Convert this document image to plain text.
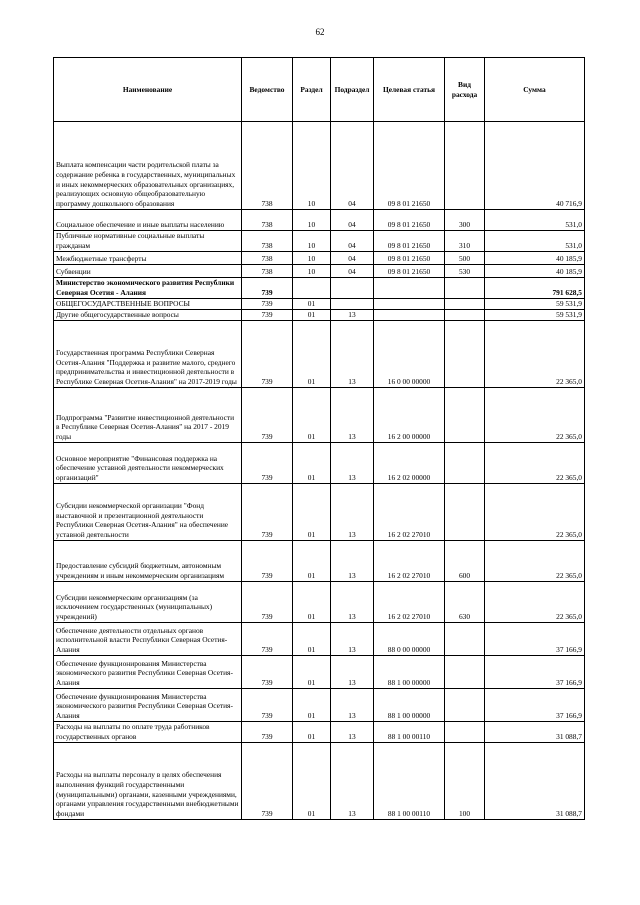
62
Наименование	Ведомство	Раздел	Подраздел	Целевая статья	Вид расхода	Сумма
Выплата компенсации части родительской платы за содержание ребенка в государственных, муниципальных и иных некоммерческих образовательных организациях, реализующих основную общеобразовательную программу дошкольного образования	738	10	04	09 8 01 21650		40 716,9
Социальное обеспечение и иные выплаты населению	738	10	04	09 8 01 21650	300	531,0
Публичные нормативные социальные выплаты гражданам	738	10	04	09 8 01 21650	310	531,0
Межбюджетные трансферты	738	10	04	09 8 01 21650	500	40 185,9
Субвенции	738	10	04	09 8 01 21650	530	40 185,9
Министерство экономического развития Республики Северная Осетия - Алания	739					791 628,5
ОБЩЕГОСУДАРСТВЕННЫЕ ВОПРОСЫ	739	01				59 531,9
Другие общегосударственные вопросы	739	01	13			59 531,9
Государственная программа Республики Северная Осетия-Алания "Поддержка и развитие малого, среднего предпринимательства и инвестиционной деятельности в Республике Северная Осетия-Алания" на 2017-2019 годы	739	01	13	16 0 00 00000		22 365,0
Подпрограмма "Развитие инвестиционной деятельности в Республике Северная Осетия-Алания" на 2017 - 2019 годы	739	01	13	16 2 00 00000		22 365,0
Основное мероприятие "Финансовая поддержка на обеспечение уставной деятельности некоммерческих организаций"	739	01	13	16 2 02 00000		22 365,0
Субсидии некоммерческой организации "Фонд выставочной и презентационной деятельности Республики Северная Осетия-Алания" на обеспечение уставной деятельности	739	01	13	16 2 02 27010		22 365,0
Предоставление субсидий бюджетным, автономным учреждениям и иным некоммерческим организациям	739	01	13	16 2 02 27010	600	22 365,0
Субсидии некоммерческим организациям (за исключением государственных (муниципальных) учреждений)	739	01	13	16 2 02 27010	630	22 365,0
Обеспечение деятельности отдельных органов исполнительной власти Республики Северная Осетия-Алания	739	01	13	88 0 00 00000		37 166,9
Обеспечение функционирования Министерства экономического развития Республики Северная Осетия-Алания	739	01	13	88 1 00 00000		37 166,9
Обеспечение функционирования Министерства экономического развития Республики Северная Осетия-Алания	739	01	13	88 1 00 00000		37 166,9
Расходы на выплаты по оплате труда работников государственных органов	739	01	13	88 1 00 00110		31 088,7
Расходы на выплаты персоналу в целях обеспечения выполнения функций государственными (муниципальными) органами, казенными учреждениями, органами управления государственными внебюджетными фондами	739	01	13	88 1 00 00110	100	31 088,7
